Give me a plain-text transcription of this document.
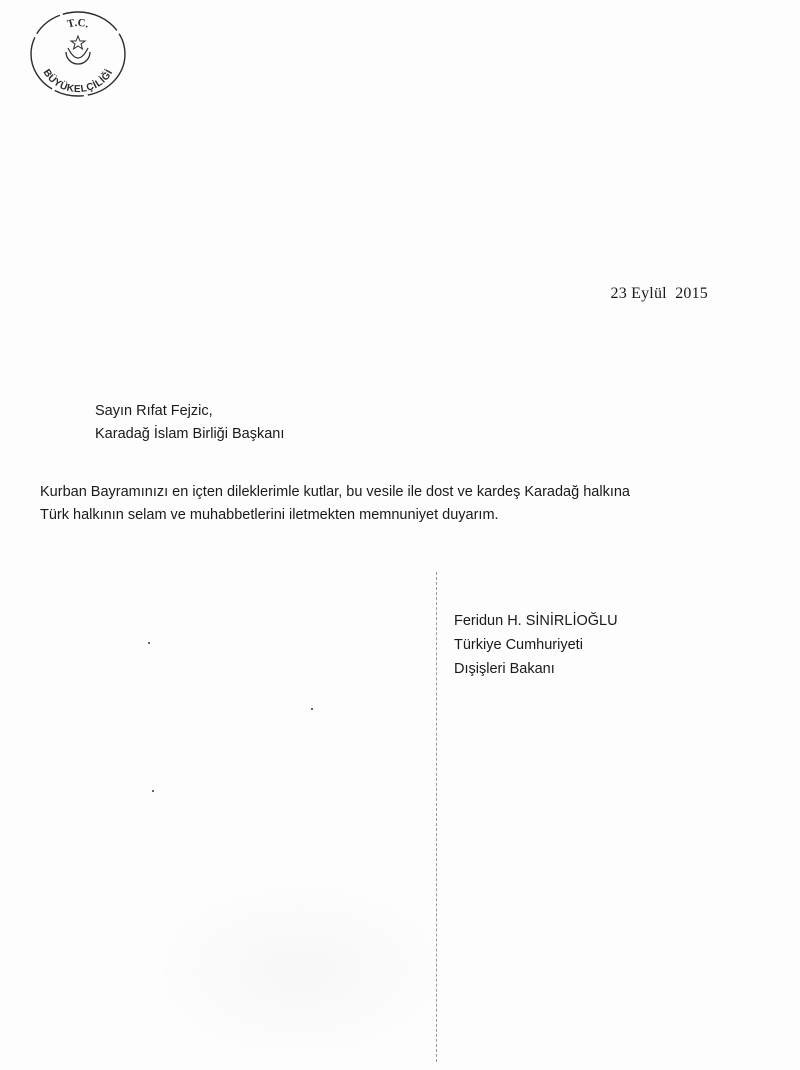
T.C.
BÜYÜKELÇİLİĞİ
23 Eylül  2015
Sayın Rıfat Fejzic,
Karadağ İslam Birliği Başkanı
Kurban Bayramınızı en içten dileklerimle kutlar, bu vesile ile dost ve kardeş Karadağ halkına
Türk halkının selam ve muhabbetlerini iletmekten memnuniyet duyarım.
Feridun H. SİNİRLİOĞLU
Türkiye Cumhuriyeti
Dışişleri Bakanı
